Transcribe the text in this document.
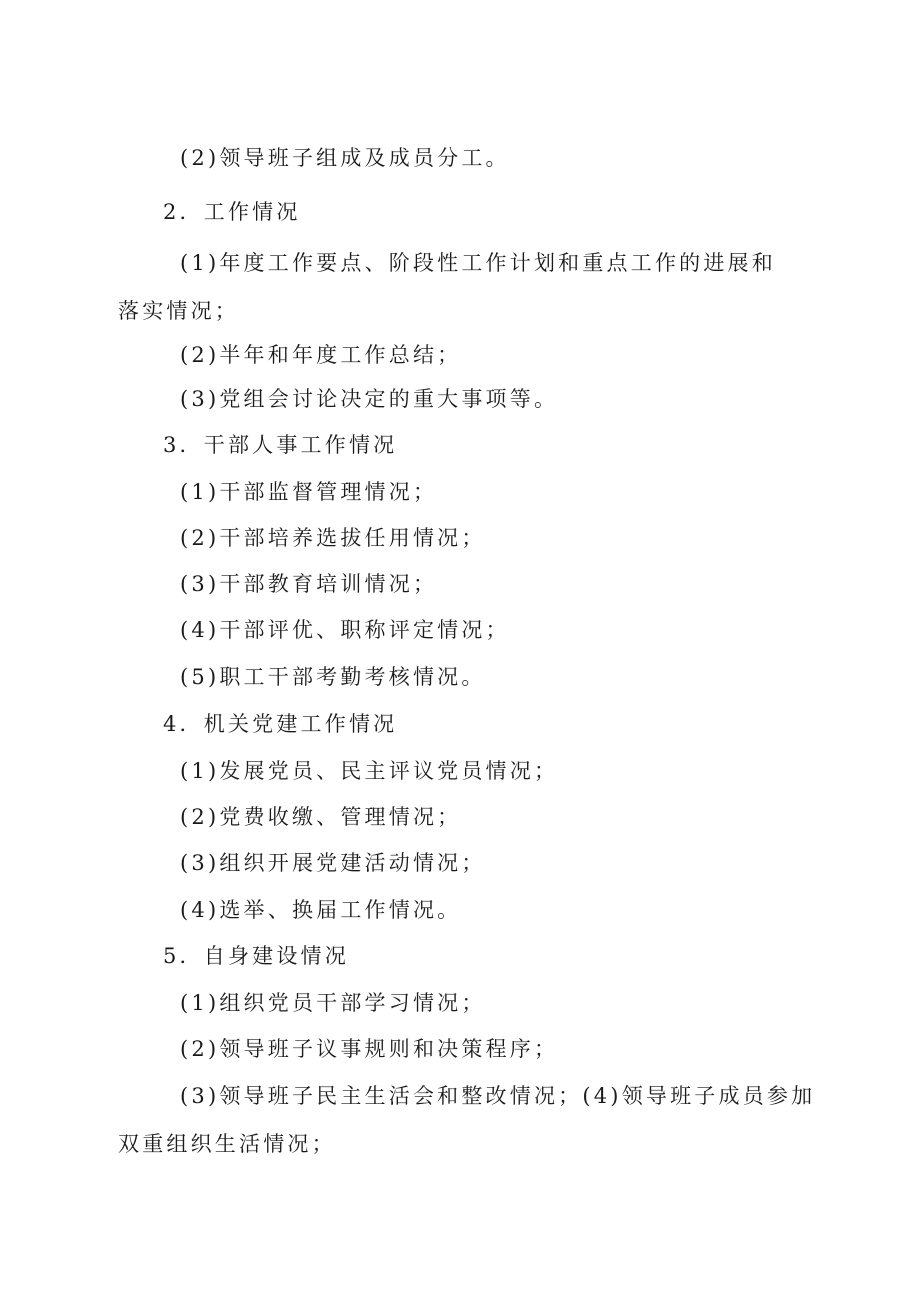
(2)领导班子组成及成员分工。
2．工作情况
(1)年度工作要点、阶段性工作计划和重点工作的进展和
落实情况；
(2)半年和年度工作总结；
(3)党组会讨论决定的重大事项等。
3．干部人事工作情况
(1)干部监督管理情况；
(2)干部培养选拔任用情况；
(3)干部教育培训情况；
(4)干部评优、职称评定情况；
(5)职工干部考勤考核情况。
4．机关党建工作情况
(1)发展党员、民主评议党员情况；
(2)党费收缴、管理情况；
(3)组织开展党建活动情况；
(4)选举、换届工作情况。
5．自身建设情况
(1)组织党员干部学习情况；
(2)领导班子议事规则和决策程序；
(3)领导班子民主生活会和整改情况；(4)领导班子成员参加
双重组织生活情况；
